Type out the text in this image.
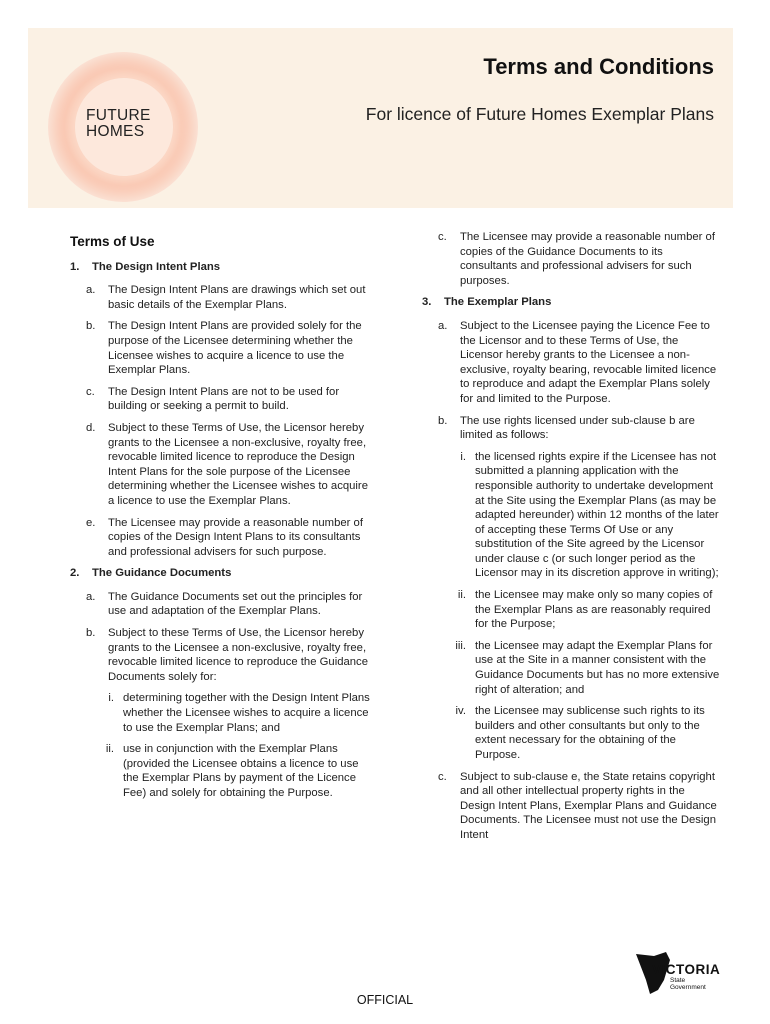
FUTURE
HOMES
Terms and Conditions
For licence of Future Homes Exemplar Plans
Terms of Use
1.	The Design Intent Plans
a.	The Design Intent Plans are drawings which set out basic details of the Exemplar Plans.
b.	The Design Intent Plans are provided solely for the purpose of the Licensee determining whether the Licensee wishes to acquire a licence to use the Exemplar Plans.
c.	The Design Intent Plans are not to be used for building or seeking a permit to build.
d.	Subject to these Terms of Use, the Licensor hereby grants to the Licensee a non-exclusive, royalty free, revocable limited licence to reproduce the Design Intent Plans for the sole purpose of the Licensee determining whether the Licensee wishes to acquire a licence to use the Exemplar Plans.
e.	The Licensee may provide a reasonable number of copies of the Design Intent Plans to its consultants and professional advisers for such purpose.
2.	The Guidance Documents
a.	The Guidance Documents set out the principles for use and adaptation of the Exemplar Plans.
b.	Subject to these Terms of Use, the Licensor hereby grants to the Licensee a non-exclusive, royalty free, revocable limited licence to reproduce the Guidance Documents solely for:
i. determining together with the Design Intent Plans whether the Licensee wishes to acquire a licence to use the Exemplar Plans; and
ii. use in conjunction with the Exemplar Plans (provided the Licensee obtains a licence to use the Exemplar Plans by payment of the Licence Fee) and solely for obtaining the Purpose.
c.	The Licensee may provide a reasonable number of copies of the Guidance Documents to its consultants and professional advisers for such purposes.
3.	The Exemplar Plans
a.	Subject to the Licensee paying the Licence Fee to the Licensor and to these Terms of Use, the Licensor hereby grants to the Licensee a non-exclusive, royalty bearing, revocable limited licence to reproduce and adapt the Exemplar Plans solely for and limited to the Purpose.
b.	The use rights licensed under sub-clause b are limited as follows:
i. the licensed rights expire if the Licensee has not submitted a planning application with the responsible authority to undertake development at the Site using the Exemplar Plans (as may be adapted hereunder) within 12 months of the later of accepting these Terms Of Use or any substitution of the Site agreed by the Licensor under clause c (or such longer period as the Licensor may in its discretion approve in writing);
ii. the Licensee may make only so many copies of the Exemplar Plans as are reasonably required for the Purpose;
iii. the Licensee may adapt the Exemplar Plans for use at the Site in a manner consistent with the Guidance Documents but has no more extensive right of alteration; and
iv. the Licensee may sublicense such rights to its builders and other consultants but only to the extent necessary for the obtaining of the Purpose.
c.	Subject to sub-clause e, the State retains copyright and all other intellectual property rights in the Design Intent Plans, Exemplar Plans and Guidance Documents. The Licensee must not use the Design Intent
VICTORIA
State
Government
OFFICIAL
